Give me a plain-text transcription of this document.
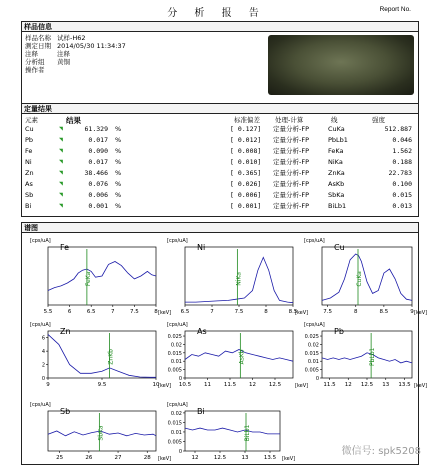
分 析 报 告	Report No.
样品信息
样品名称 试样-H62
测定日期 2014/05/30 11:34:37
注释	注释
分析组 黄铜
操作者
定量结果
元素	结果	标准偏差 处理-计算	线	强度
Cu	◥	61.329 %	[ 0.127] 定量分析-FP	CuKa	512.887
Pb	◥	0.017 %	[ 0.012] 定量分析-FP	PbLb1	0.046
Fe	◥	0.090 %	[ 0.008] 定量分析-FP	FeKa	1.562
Ni	◥	0.017 %	[ 0.010] 定量分析-FP	NiKa	0.188
Zn	◥	38.466 %	[ 0.365] 定量分析-FP	ZnKa	22.783
As	◥	0.076 %	[ 0.026] 定量分析-FP	AsKb	0.100
Sb	◥	0.006 %	[ 0.006] 定量分析-FP	SbKa	0.015
Bi	◥	0.001 %	[ 0.001] 定量分析-FP	BiLb1	0.013
谱图
[cps/uA]
Fe
5.5	6	6.5	7	7.5	8 [keV]
FeKa
[cps/uA]
Ni
6.5	7	7.5	8	8.5
[keV]
NiKa
[cps/uA]
Cu
7.5	8	8.5	9 [keV]
CuKa
[cps/uA]
Zn
9	9.5	10
0
2
4
6
[keV]
ZnKb
[cps/uA]
As
10.5 11 11.5 12 12.5
0
0.005
0.01
0.015
0.02
0.025
[keV]
AsKb
[cps/uA]
Pb
11.5 12 12.5 13 13.5
0
0.005
0.01
0.015
0.02
0.025
[keV]
PbLb1
[cps/uA]
Sb
25	26	27	28 [keV]
SbKa
[cps/uA]
Bi
12	12.5	13	13.5
0
0.005
0.01
0.015
0.02
[keV]
BiLb1
微信号: spk5208
